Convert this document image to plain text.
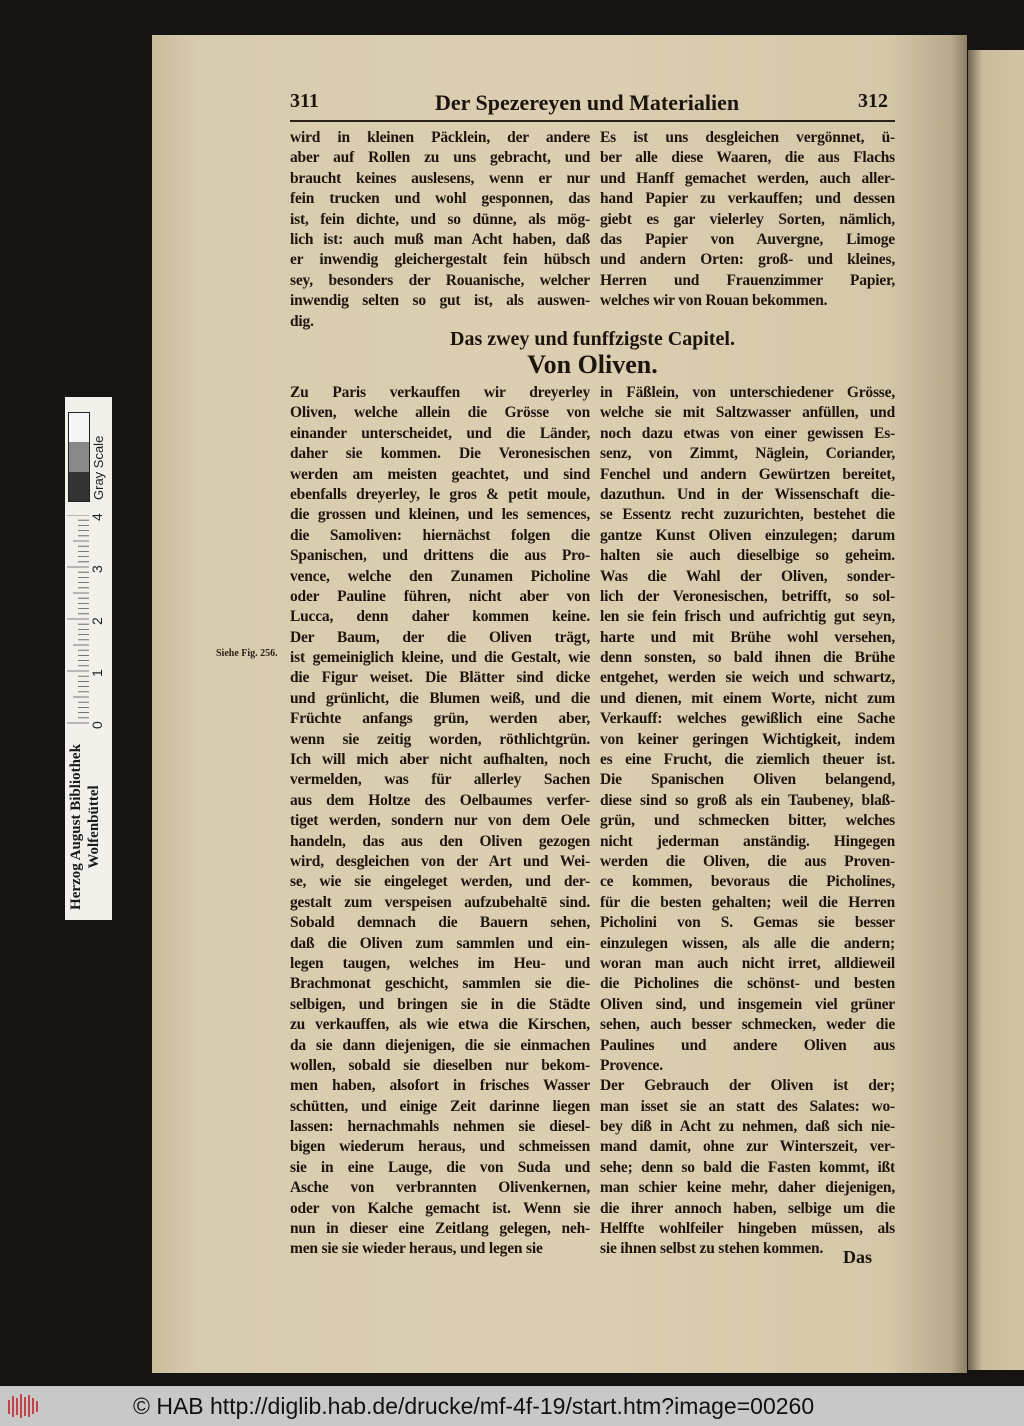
311	Der Spezereyen und Materialien	312
wird in kleinen Päcklein, der andere
aber auf Rollen zu uns gebracht, und
braucht keines auslesens, wenn er nur
fein trucken und wohl gesponnen, das
ist, fein dichte, und so dünne, als mög-
lich ist: auch muß man Acht haben, daß
er inwendig gleichergestalt fein hübsch
sey, besonders der Rouanische, welcher
inwendig selten so gut ist, als auswen-
dig.
Es ist uns desgleichen vergönnet, ü-
ber alle diese Waaren, die aus Flachs
und Hanff gemachet werden, auch aller-
hand Papier zu verkauffen; und dessen
giebt es gar vielerley Sorten, nämlich,
das Papier von Auvergne, Limoge
und andern Orten: groß- und kleines,
Herren und Frauenzimmer Papier,
welches wir von Rouan bekommen.
Das zwey und funffzigste Capitel.
Von Oliven.
Siehe Fig. 256.
Zu Paris verkauffen wir dreyerley
Oliven, welche allein die Grösse von
einander unterscheidet, und die Länder,
daher sie kommen. Die Veronesischen
werden am meisten geachtet, und sind
ebenfalls dreyerley, le gros & petit moule,
die grossen und kleinen, und les semences,
die Samoliven: hiernächst folgen die
Spanischen, und drittens die aus Pro-
vence, welche den Zunamen Picholine
oder Pauline führen, nicht aber von
Lucca, denn daher kommen keine.
Der Baum, der die Oliven trägt,
ist gemeiniglich kleine, und die Gestalt, wie
die Figur weiset. Die Blätter sind dicke
und grünlicht, die Blumen weiß, und die
Früchte anfangs grün, werden aber,
wenn sie zeitig worden, röthlichtgrün.
Ich will mich aber nicht aufhalten, noch
vermelden, was für allerley Sachen
aus dem Holtze des Oelbaumes verfer-
tiget werden, sondern nur von dem Oele
handeln, das aus den Oliven gezogen
wird, desgleichen von der Art und Wei-
se, wie sie eingeleget werden, und der-
gestalt zum verspeisen aufzubehaltē sind.
Sobald demnach die Bauern sehen,
daß die Oliven zum sammlen und ein-
legen taugen, welches im Heu- und
Brachmonat geschicht, sammlen sie die-
selbigen, und bringen sie in die Städte
zu verkauffen, als wie etwa die Kirschen,
da sie dann diejenigen, die sie einmachen
wollen, sobald sie dieselben nur bekom-
men haben, alsofort in frisches Wasser
schütten, und einige Zeit darinne liegen
lassen: hernachmahls nehmen sie diesel-
bigen wiederum heraus, und schmeissen
sie in eine Lauge, die von Suda und
Asche von verbrannten Olivenkernen,
oder von Kalche gemacht ist. Wenn sie
nun in dieser eine Zeitlang gelegen, neh-
men sie sie wieder heraus, und legen sie
in Fäßlein, von unterschiedener Grösse,
welche sie mit Saltzwasser anfüllen, und
noch dazu etwas von einer gewissen Es-
senz, von Zimmt, Näglein, Coriander,
Fenchel und andern Gewürtzen bereitet,
dazuthun. Und in der Wissenschaft die-
se Essentz recht zuzurichten, bestehet die
gantze Kunst Oliven einzulegen; darum
halten sie auch dieselbige so geheim.
Was die Wahl der Oliven, sonder-
lich der Veronesischen, betrifft, so sol-
len sie fein frisch und aufrichtig gut seyn,
harte und mit Brühe wohl versehen,
denn sonsten, so bald ihnen die Brühe
entgehet, werden sie weich und schwartz,
und dienen, mit einem Worte, nicht zum
Verkauff: welches gewißlich eine Sache
von keiner geringen Wichtigkeit, indem
es eine Frucht, die ziemlich theuer ist.
Die Spanischen Oliven belangend,
diese sind so groß als ein Taubeney, blaß-
grün, und schmecken bitter, welches
nicht jederman anständig. Hingegen
werden die Oliven, die aus Proven-
ce kommen, bevoraus die Picholines,
für die besten gehalten; weil die Herren
Picholini von S. Gemas sie besser
einzulegen wissen, als alle die andern;
woran man auch nicht irret, alldieweil
die Picholines die schönst- und besten
Oliven sind, und insgemein viel grüner
sehen, auch besser schmecken, weder die
Paulines und andere Oliven aus
Provence.
Der Gebrauch der Oliven ist der;
man isset sie an statt des Salates: wo-
bey diß in Acht zu nehmen, daß sich nie-
mand damit, ohne zur Winterszeit, ver-
sehe; denn so bald die Fasten kommt, ißt
man schier keine mehr, daher diejenigen,
die ihrer annoch haben, selbige um die
Helffte wohlfeiler hingeben müssen, als
sie ihnen selbst zu stehen kommen.	Das
Herzog August Bibliothek Wolfenbüttel
0
1
2
3
4
Gray Scale
© HAB http://diglib.hab.de/drucke/mf-4f-19/start.htm?image=00260
